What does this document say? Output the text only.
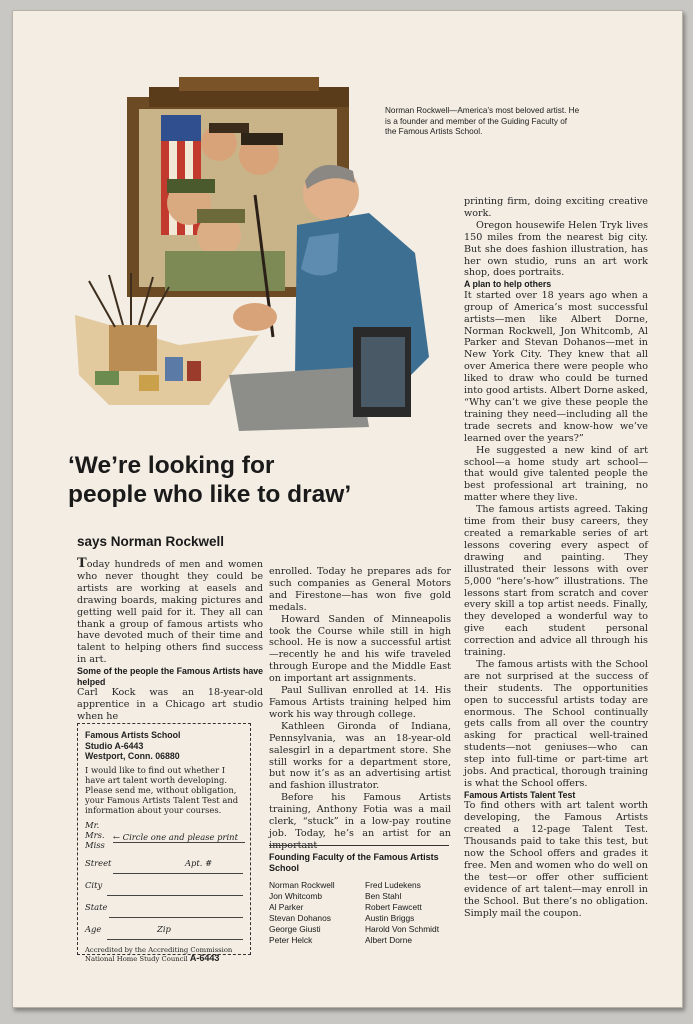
Norman Rockwell—America’s most beloved artist. He is a founder and member of the Guiding Faculty of the Famous Artists School.
‘We’re looking for
people who like to draw’
says Norman Rockwell

Today hundreds of men and women who never thought they could be artists are working at easels and drawing boards, making pictures and getting well paid for it. They all can thank a group of famous artists who have devoted much of their time and talent to helping others find success in art.

Some of the people the Famous Artists have helped

Carl Kock was an 18-year-old apprentice in a Chicago art studio when he

Famous Artists School
Studio A-6443
Westport, Conn. 06880
I would like to find out whether I have art talent worth developing. Please send me, without obligation, your Famous Artists Talent Test and information about your courses.
Mr.
Mrs.
Miss
← Circle one and please print
Street	Apt. #
City
State
Age	Zip
Accredited by the Accrediting Commission National Home Study Council A-6443

enrolled. Today he prepares ads for such companies as General Motors and Firestone—has won five gold medals.

Howard Sanden of Minneapolis took the Course while still in high school. He is now a successful artist—recently he and his wife traveled through Europe and the Middle East on important art assignments.

Paul Sullivan enrolled at 14. His Famous Artists training helped him work his way through college.

Kathleen Gironda of Indiana, Pennsylvania, was an 18-year-old salesgirl in a department store. She still works for a department store, but now it’s as an advertising artist and fashion illustrator.

Before his Famous Artists training, Anthony Fotia was a mail clerk, “stuck” in a low-pay routine job. Today, he’s an artist for an important

Founding Faculty of the Famous Artists School
Norman Rockwell	Fred Ludekens
Jon Whitcomb	Ben Stahl
Al Parker	Robert Fawcett
Stevan Dohanos	Austin Briggs
George Giusti	Harold Von Schmidt
Peter Helck	Albert Dorne

printing firm, doing exciting creative work.

Oregon housewife Helen Tryk lives 150 miles from the nearest big city. But she does fashion illustration, has her own studio, runs an art work shop, does portraits.

A plan to help others

It started over 18 years ago when a group of America’s most successful artists—men like Albert Dorne, Norman Rockwell, Jon Whitcomb, Al Parker and Stevan Dohanos—met in New York City. They knew that all over America there were people who liked to draw who could be turned into good artists. Albert Dorne asked, “Why can’t we give these people the training they need—including all the trade secrets and know-how we’ve learned over the years?”

He suggested a new kind of art school—a home study art school—that would give talented people the best professional art training, no matter where they live.

The famous artists agreed. Taking time from their busy careers, they created a remarkable series of art lessons covering every aspect of drawing and painting. They illustrated their lessons with over 5,000 “here’s-how” illustrations. The lessons start from scratch and cover every skill a top artist needs. Finally, they developed a wonderful way to give each student personal correction and advice all through his training.

The famous artists with the School are not surprised at the success of their students. The opportunities open to successful artists today are enormous. The School continually gets calls from all over the country asking for practical well-trained students—not geniuses—who can step into full-time or part-time art jobs. And practical, thorough training is what the School offers.

Famous Artists Talent Test

To find others with art talent worth developing, the Famous Artists created a 12-page Talent Test. Thousands paid to take this test, but now the School offers and grades it free. Men and women who do well on the test—or offer other sufficient evidence of art talent—may enroll in the School. But there’s no obligation. Simply mail the coupon.
